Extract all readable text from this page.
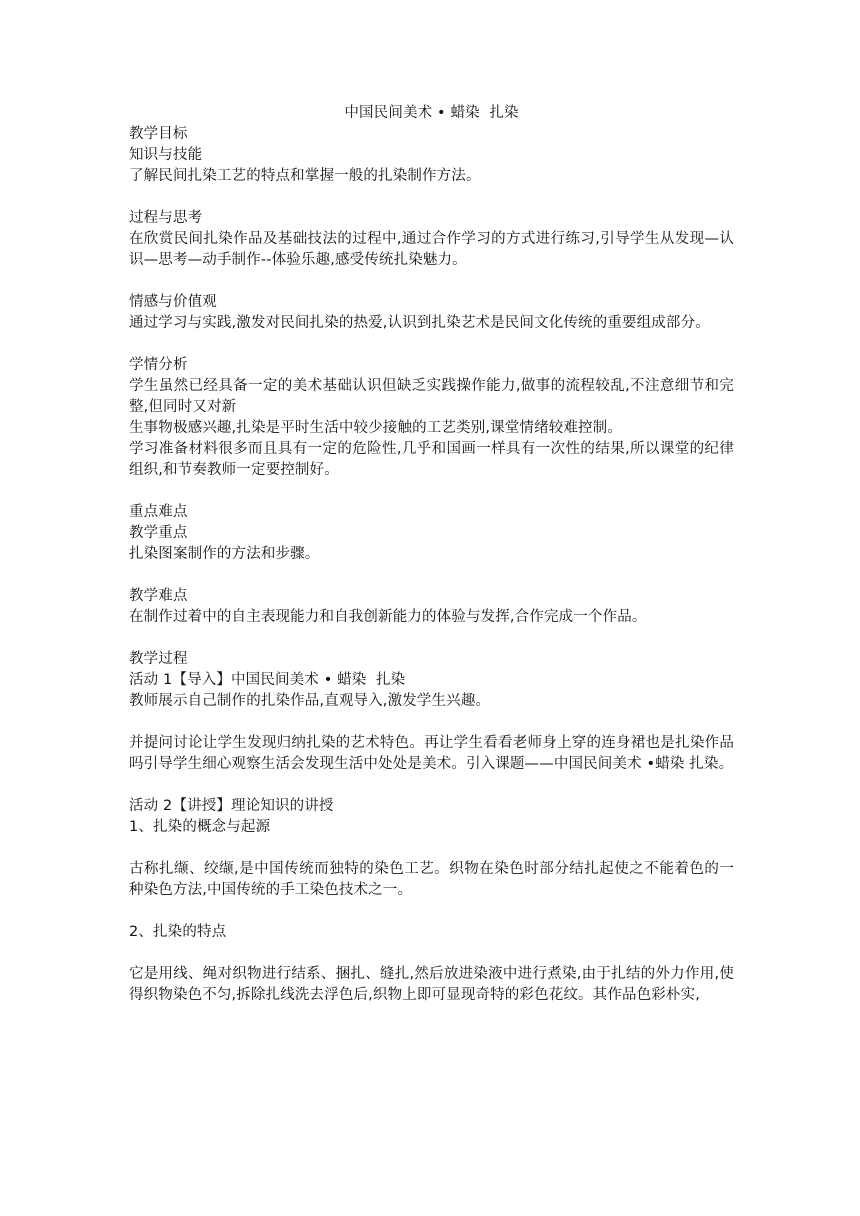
中国民间美术 • 蜡染  扎染

教学目标

知识与技能

了解民间扎染工艺的特点和掌握一般的扎染制作方法。

过程与思考

在欣赏民间扎染作品及基础技法的过程中,通过合作学习的方式进行练习,引导学生从发现—认识—思考—动手制作--体验乐趣,感受传统扎染魅力。

情感与价值观

通过学习与实践,激发对民间扎染的热爱,认识到扎染艺术是民间文化传统的重要组成部分。

学情分析

学生虽然已经具备一定的美术基础认识但缺乏实践操作能力,做事的流程较乱,不注意细节和完整,但同时又对新

生事物极感兴趣,扎染是平时生活中较少接触的工艺类别,课堂情绪较难控制。

学习准备材料很多而且具有一定的危险性,几乎和国画一样具有一次性的结果,所以课堂的纪律组织,和节奏教师一定要控制好。

重点难点

教学重点

扎染图案制作的方法和步骤。

教学难点

在制作过着中的自主表现能力和自我创新能力的体验与发挥,合作完成一个作品。

教学过程

活动 1【导入】中国民间美术 • 蜡染  扎染

教师展示自己制作的扎染作品,直观导入,激发学生兴趣。

并提问讨论让学生发现归纳扎染的艺术特色。再让学生看看老师身上穿的连身裙也是扎染作品吗引导学生细心观察生活会发现生活中处处是美术。引入课题——中国民间美术 •蜡染 扎染。

活动 2【讲授】理论知识的讲授

1、扎染的概念与起源

古称扎缬、绞缬,是中国传统而独特的染色工艺。织物在染色时部分结扎起使之不能着色的一种染色方法,中国传统的手工染色技术之一。

2、扎染的特点

它是用线、绳对织物进行结系、捆扎、缝扎,然后放进染液中进行煮染,由于扎结的外力作用,使得织物染色不匀,拆除扎线洗去浮色后,织物上即可显现奇特的彩色花纹。其作品色彩朴实,
